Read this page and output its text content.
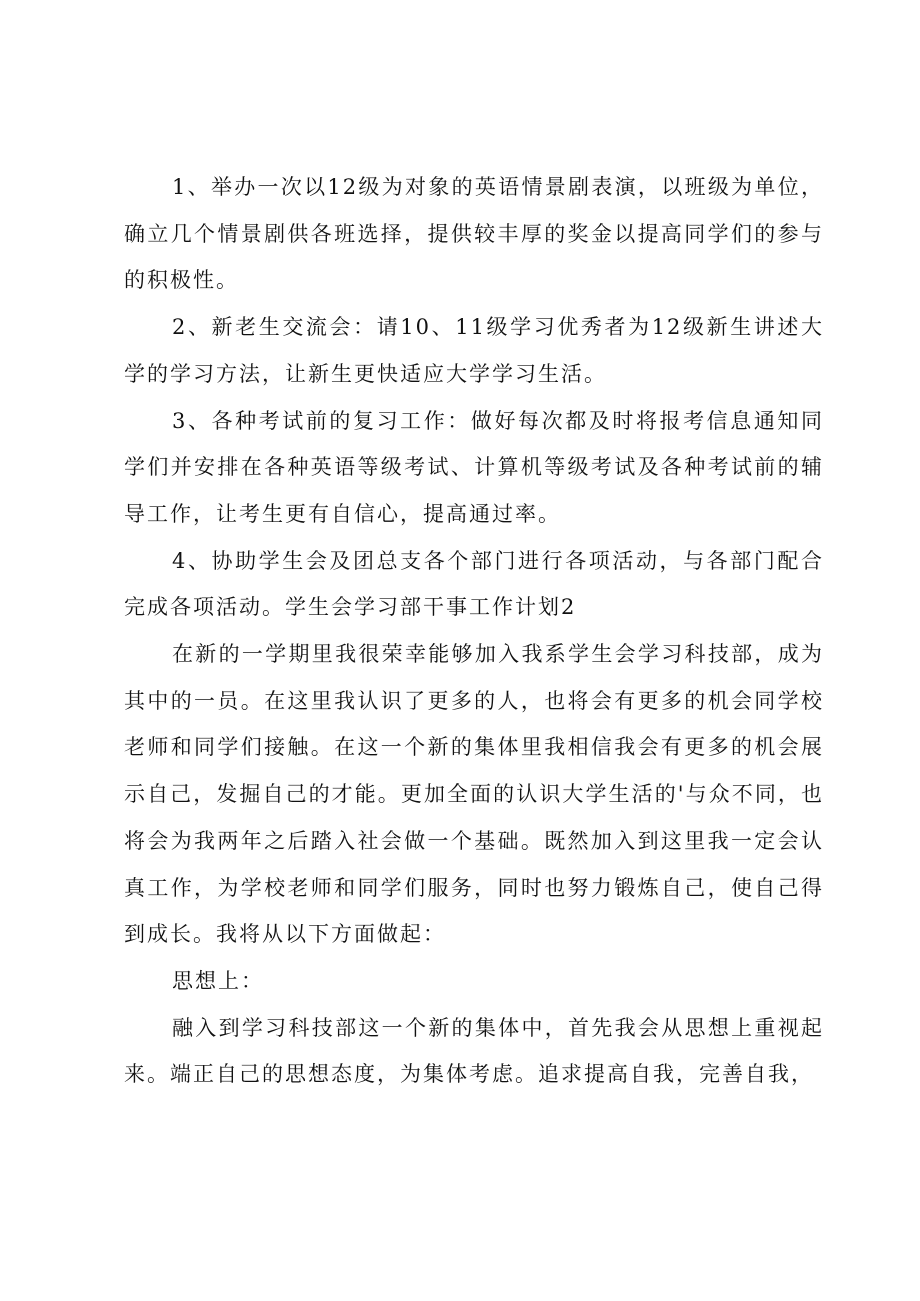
1、举办一次以12级为对象的英语情景剧表演，以班级为单位，确立几个情景剧供各班选择，提供较丰厚的奖金以提高同学们的参与的积极性。

2、新老生交流会：请10、11级学习优秀者为12级新生讲述大学的学习方法，让新生更快适应大学学习生活。

3、各种考试前的复习工作：做好每次都及时将报考信息通知同学们并安排在各种英语等级考试、计算机等级考试及各种考试前的辅导工作，让考生更有自信心，提高通过率。

4、协助学生会及团总支各个部门进行各项活动，与各部门配合完成各项活动。学生会学习部干事工作计划2

在新的一学期里我很荣幸能够加入我系学生会学习科技部，成为其中的一员。在这里我认识了更多的人，也将会有更多的机会同学校老师和同学们接触。在这一个新的集体里我相信我会有更多的机会展示自己，发掘自己的才能。更加全面的认识大学生活的'与众不同，也将会为我两年之后踏入社会做一个基础。既然加入到这里我一定会认真工作，为学校老师和同学们服务，同时也努力锻炼自己，使自己得到成长。我将从以下方面做起：

思想上：

融入到学习科技部这一个新的集体中，首先我会从思想上重视起来。端正自己的思想态度，为集体考虑。追求提高自我，完善自我，
